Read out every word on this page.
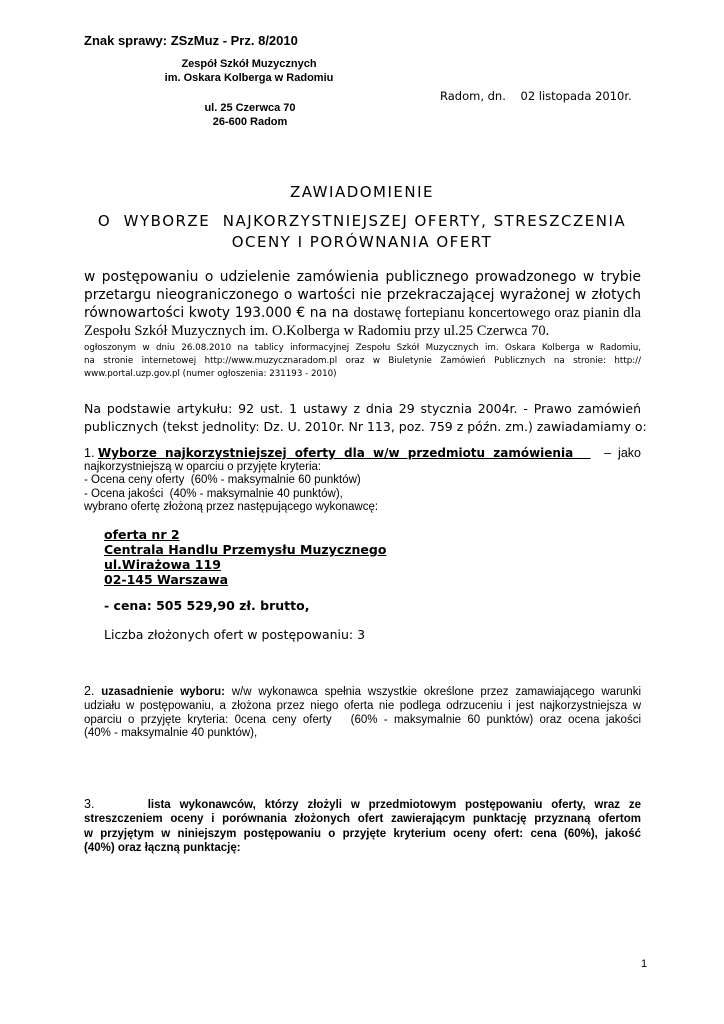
Znak sprawy: ZSzMuz - Prz. 8/2010
Zespół Szkół Muzycznych
im. Oskara Kolberga w Radomiu
ul. 25 Czerwca 70
26-600 Radom
Radom, dn.    02 listopada 2010r.
ZAWIADOMIENIE
O  WYBORZE  NAJKORZYSTNIEJSZEJ OFERTY, STRESZCZENIA
OCENY I PORÓWNANIA OFERT
w postępowaniu o udzielenie zamówienia publicznego prowadzonego w trybie
przetargu nieograniczonego o wartości nie przekraczającej wyrażonej w złotych
równowartości kwoty 193.000 € na na dostawę fortepianu koncertowego oraz pianin dla
Zespołu Szkół Muzycznych im. O.Kolberga w Radomiu przy ul.25 Czerwca 70.
ogłoszonym w dniu 26.08.2010 na tablicy informacyjnej Zespołu Szkół Muzycznych im. Oskara Kolberga w Radomiu,
na stronie internetowej http://www.muzycznaradom.pl oraz w Biuletynie Zamówień Publicznych na stronie: http://
www.portal.uzp.gov.pl (numer ogłoszenia: 231193 - 2010)
Na podstawie artykułu: 92 ust. 1 ustawy z dnia 29 stycznia 2004r. - Prawo zamówień
publicznych (tekst jednolity: Dz. U. 2010r. Nr 113, poz. 759 z późn. zm.) zawiadamiamy o:
1. Wyborze najkorzystniejszej oferty dla w/w przedmiotu zamówienia	–  jako
najkorzystniejszą w oparciu o przyjęte kryteria:
- Ocena ceny oferty  (60% - maksymalnie 60 punktów)
- Ocena jakości  (40% - maksymalnie 40 punktów),
wybrano ofertę złożoną przez następującego wykonawcę:
oferta nr 2
Centrala Handlu Przemysłu Muzycznego
ul.Wirażowa 119
02-145 Warszawa
- cena: 505 529,90 zł. brutto,
Liczba złożonych ofert w postępowaniu: 3
2. uzasadnienie wyboru: w/w wykonawca spełnia wszystkie określone przez zamawiającego warunki
udziału w postępowaniu, a złożona przez niego oferta nie podlega odrzuceniu i jest najkorzystniejsza w
oparciu o przyjęte kryteria: 0cena ceny oferty   (60% - maksymalnie 60 punktów) oraz ocena jakości
(40% - maksymalnie 40 punktów),
3.	lista wykonawców, którzy złożyli w przedmiotowym postępowaniu oferty, wraz ze
streszczeniem oceny i porównania złożonych ofert zawierającym punktację przyznaną ofertom
w przyjętym w niniejszym postępowaniu o przyjęte kryterium oceny ofert: cena (60%), jakość
(40%) oraz łączną punktację:
1
